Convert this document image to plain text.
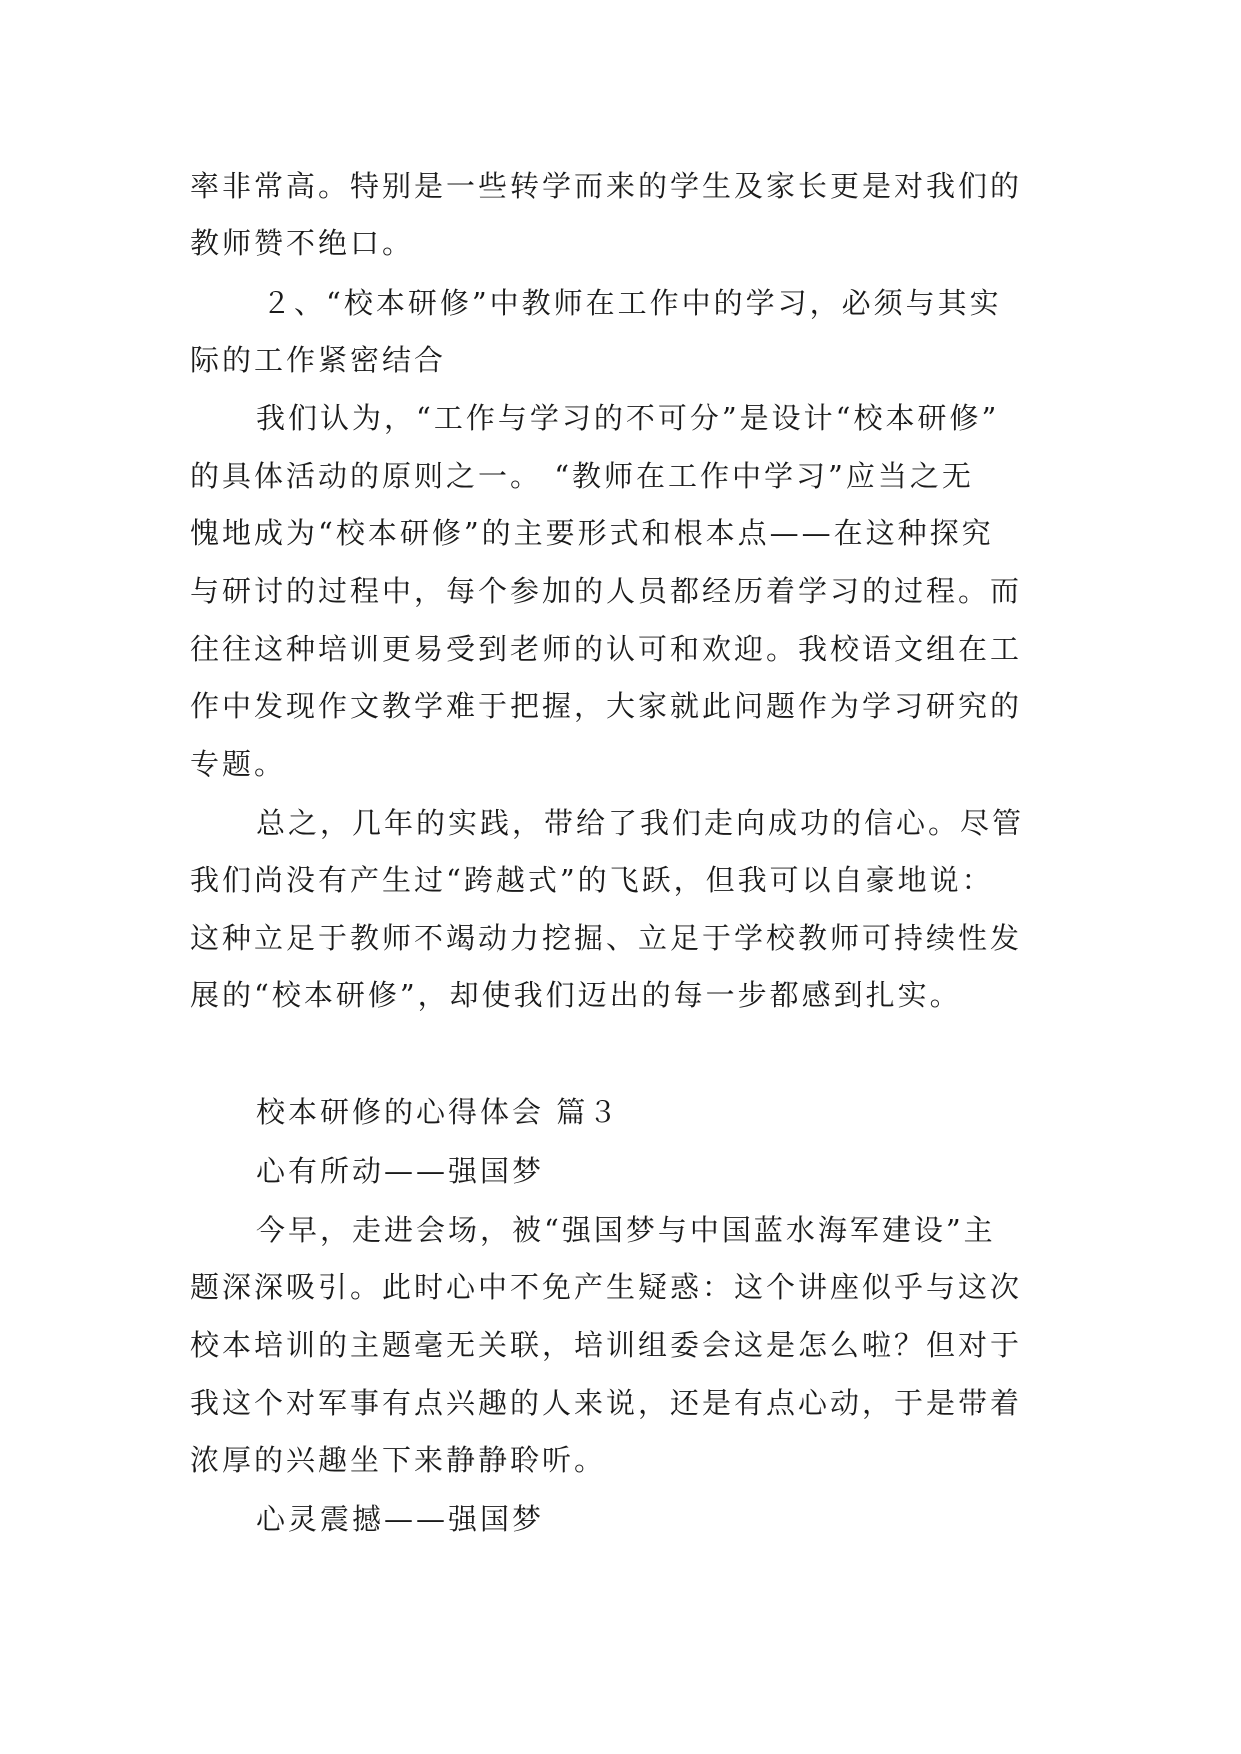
率非常高。特别是一些转学而来的学生及家长更是对我们的
教师赞不绝口。
２、“校本研修”中教师在工作中的学习，必须与其实
际的工作紧密结合
我们认为，“工作与学习的不可分”是设计“校本研修”
的具体活动的原则之一。 “教师在工作中学习”应当之无
愧地成为“校本研修”的主要形式和根本点——在这种探究
与研讨的过程中，每个参加的人员都经历着学习的过程。而
往往这种培训更易受到老师的认可和欢迎。我校语文组在工
作中发现作文教学难于把握，大家就此问题作为学习研究的
专题。
总之，几年的实践，带给了我们走向成功的信心。尽管
我们尚没有产生过“跨越式”的飞跃，但我可以自豪地说：
这种立足于教师不竭动力挖掘、立足于学校教师可持续性发
展的“校本研修”，却使我们迈出的每一步都感到扎实。
校本研修的心得体会 篇３
心有所动——强国梦
今早，走进会场，被“强国梦与中国蓝水海军建设”主
题深深吸引。此时心中不免产生疑惑：这个讲座似乎与这次
校本培训的主题毫无关联，培训组委会这是怎么啦？但对于
我这个对军事有点兴趣的人来说，还是有点心动，于是带着
浓厚的兴趣坐下来静静聆听。
心灵震撼——强国梦
